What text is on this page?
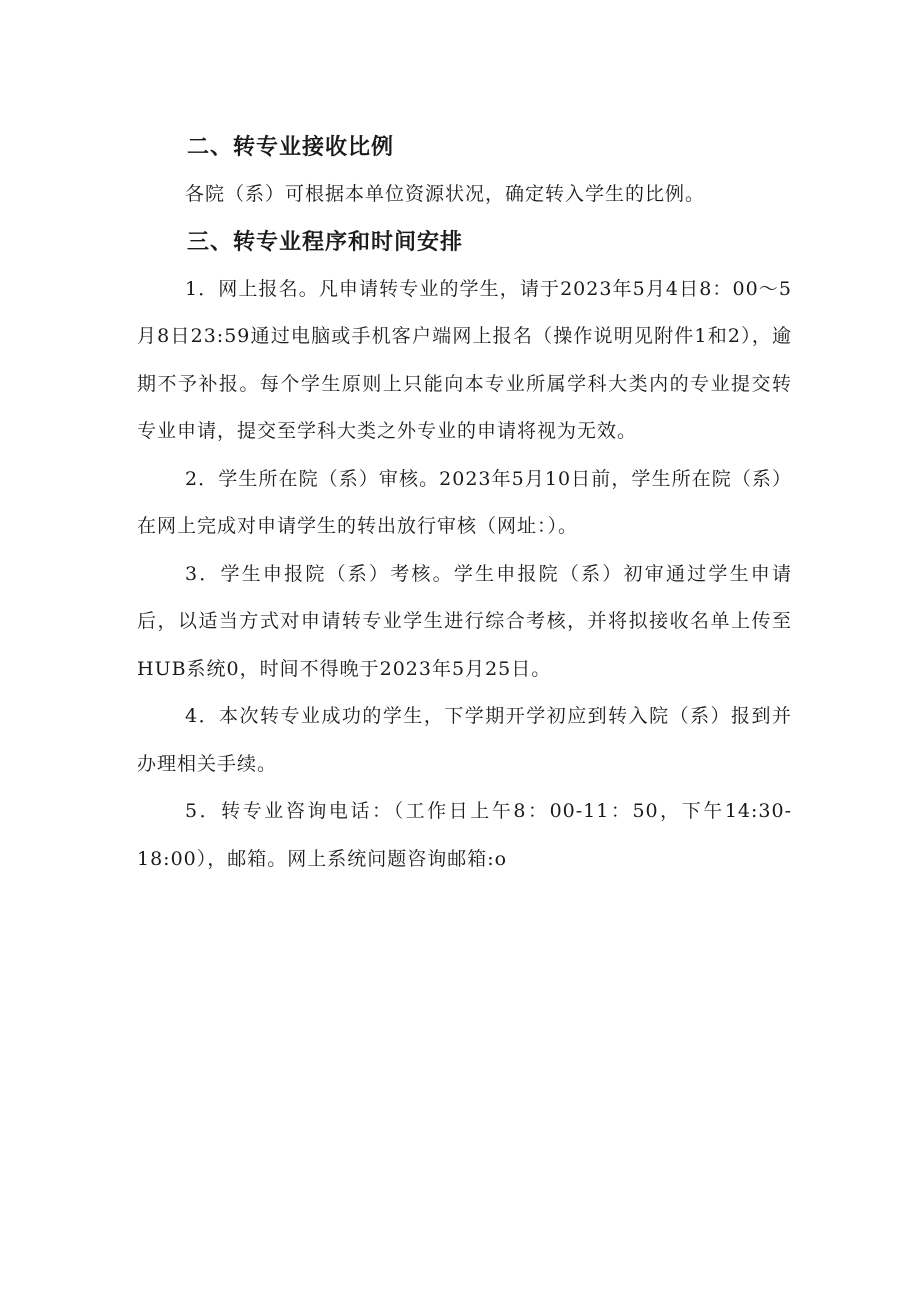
二、转专业接收比例

各院（系）可根据本单位资源状况，确定转入学生的比例。

三、转专业程序和时间安排

1．网上报名。凡申请转专业的学生，请于2023年5月4日8：00～5月8日23:59通过电脑或手机客户端网上报名（操作说明见附件1和2），逾期不予补报。每个学生原则上只能向本专业所属学科大类内的专业提交转专业申请，提交至学科大类之外专业的申请将视为无效。

2．学生所在院（系）审核。2023年5月10日前，学生所在院（系）在网上完成对申请学生的转出放行审核（网址：）。

3．学生申报院（系）考核。学生申报院（系）初审通过学生申请后，以适当方式对申请转专业学生进行综合考核，并将拟接收名单上传至HUB系统0，时间不得晚于2023年5月25日。

4．本次转专业成功的学生，下学期开学初应到转入院（系）报到并办理相关手续。

5．转专业咨询电话：（工作日上午8：00-11：50，下午14:30-18:00），邮箱。网上系统问题咨询邮箱:o
